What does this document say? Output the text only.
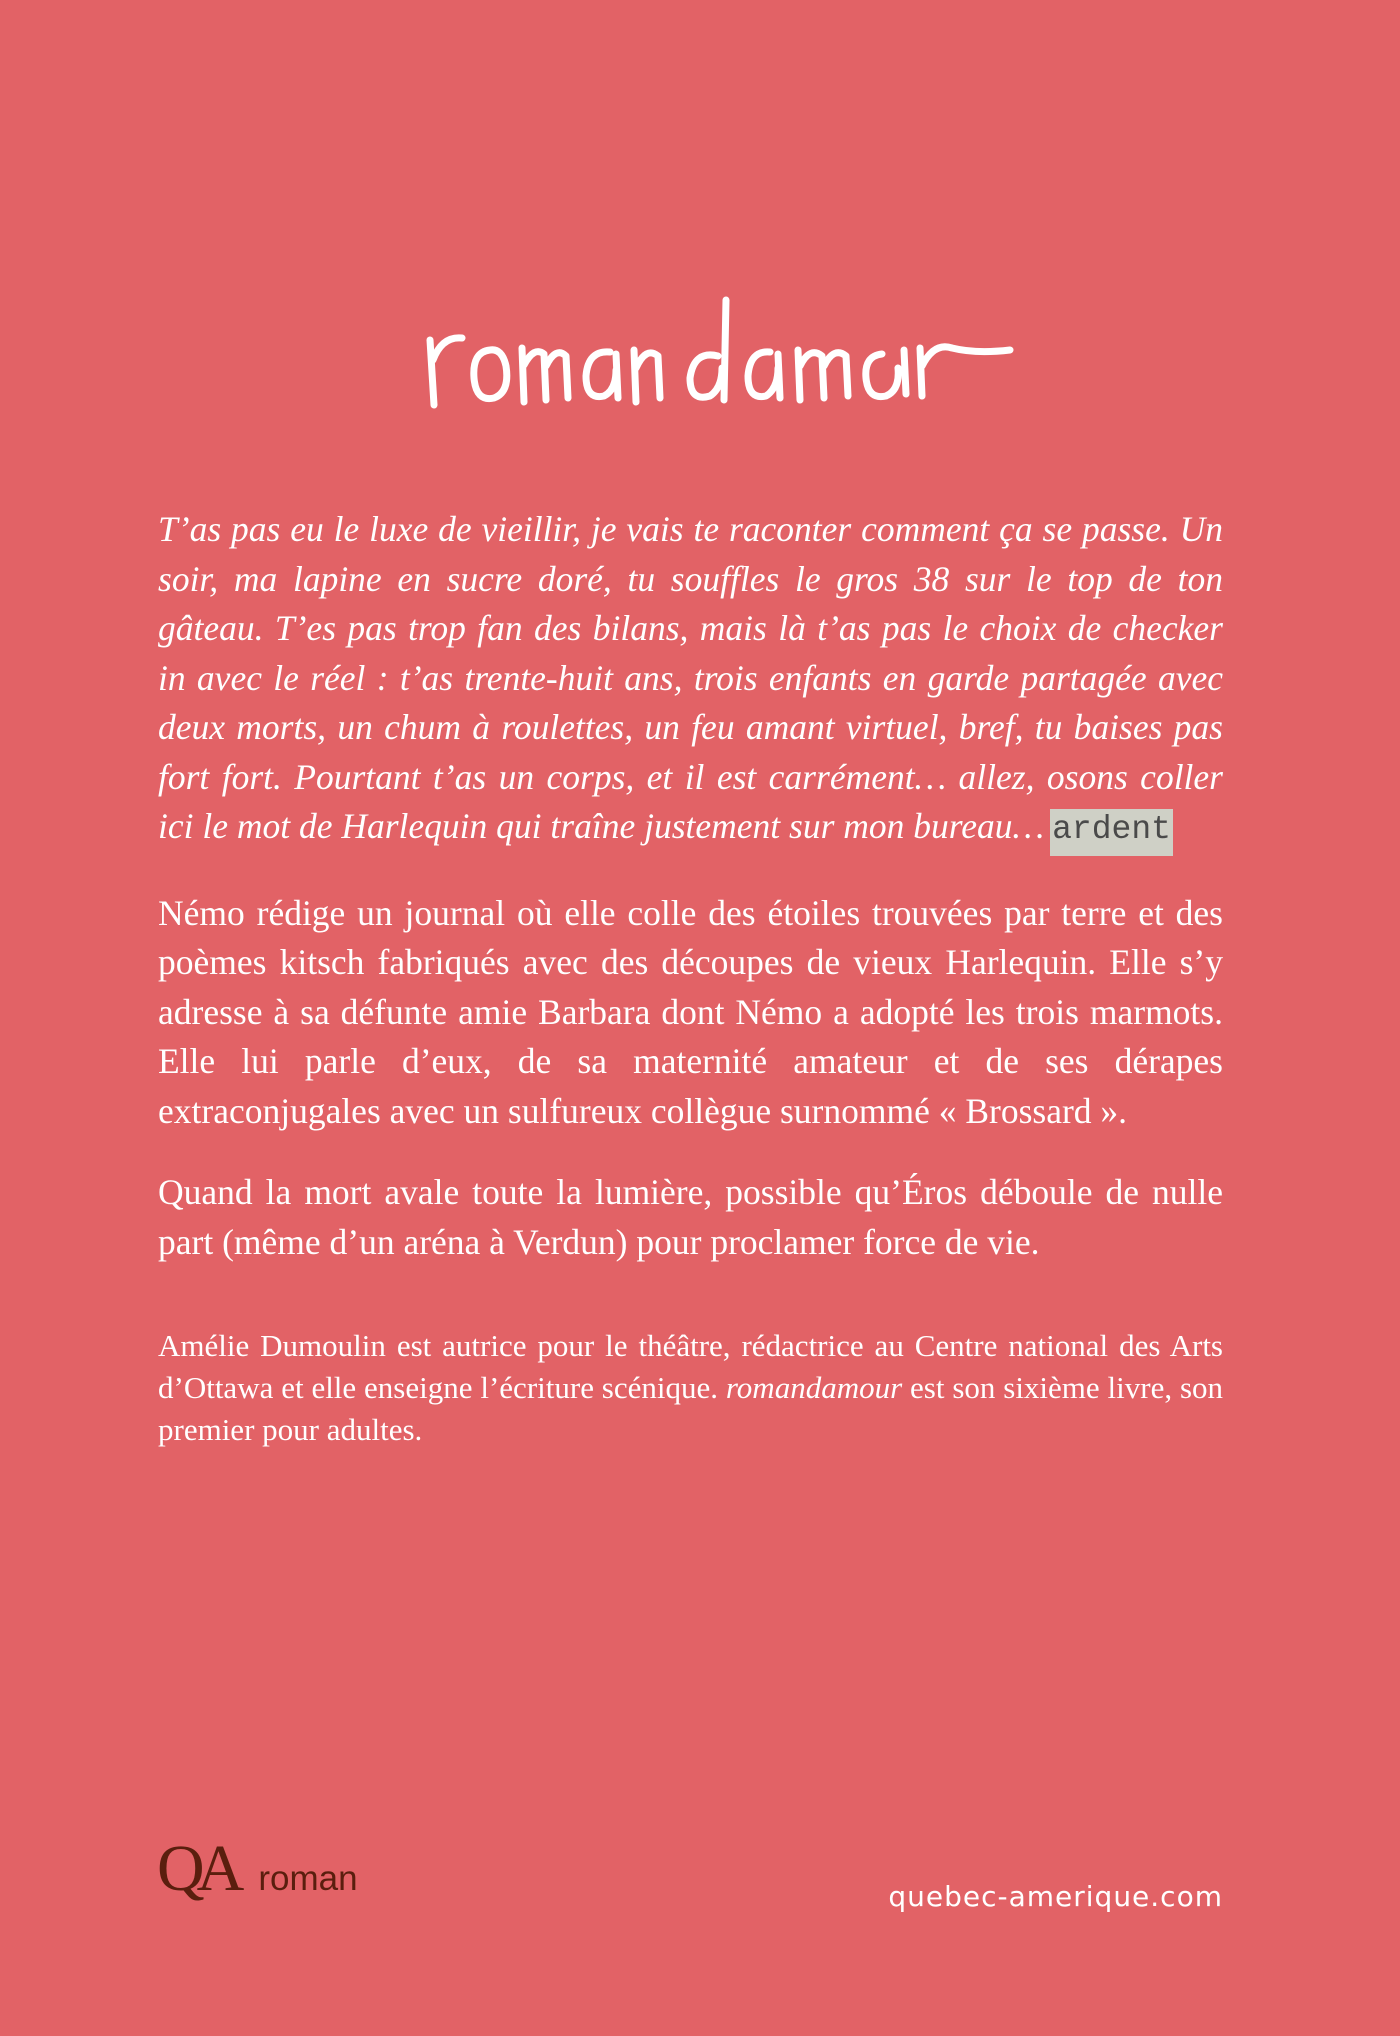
T’as pas eu le luxe de vieillir, je vais te raconter comment ça se passe. Un soir, ma lapine en sucre doré, tu souffles le gros 38 sur le top de ton gâteau. T’es pas trop fan des bilans, mais là t’as pas le choix de checker in avec le réel : t’as trente-huit ans, trois enfants en garde partagée avec deux morts, un chum à roulettes, un feu amant virtuel, bref, tu baises pas fort fort. Pourtant t’as un corps, et il est carrément… allez, osons coller ici le mot de Harlequin qui traîne justement sur mon bureau… ardent

Némo rédige un journal où elle colle des étoiles trouvées par terre et des poèmes kitsch fabriqués avec des découpes de vieux Harlequin. Elle s’y adresse à sa défunte amie Barbara dont Némo a adopté les trois marmots. Elle lui parle d’eux, de sa maternité amateur et de ses dérapes extraconjugales avec un sulfureux collègue surnommé « Brossard ».

Quand la mort avale toute la lumière, possible qu’Éros déboule de nulle part (même d’un aréna à Verdun) pour proclamer force de vie.

Amélie Dumoulin est autrice pour le théâtre, rédactrice au Centre national des Arts d’Ottawa et elle enseigne l’écriture scénique. romandamour est son sixième livre, son premier pour adultes.

QA roman	quebec-amerique.com
